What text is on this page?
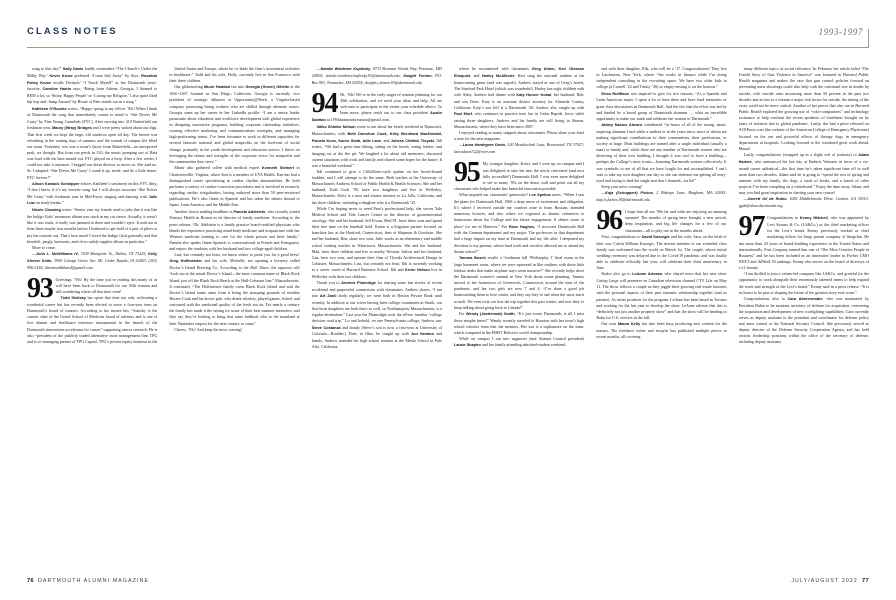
CLASS NOTES	1993-1997

song to this day!” Sally Davis fondly remembers “The Church’s Under the Milky Way.’ Kevin Kruse preferred “Coma Sail Away” by Styx. Rosalind Fahey Kruse recalls Divinyls’ “I Touch Myself” as her Dartmouth years’ favorite. Caroline Harris says, “Being from Athens, Georgia, I listened to REM a lot, so ‘Shiny, Happy People’ or ‘Losing my Religion.’ I also quite liked hip hop and ‘Jump Around’ by House of Pain stands out as a song.”

Kathleen O’Rourke writes, “Happy spring to my fellow ’92s! When I think of Dartmouth the song that immediately comes to mind is ‘She Drives Me Crazy’ by Fine Young Cannibals (FYC). After moving into 310 Butterfield our freshman year, Maury (Wray) Bridges and I were pretty stoked about our digs. That first week we kept the large, old windows open all day. The breeze was refreshing in the waning days of summer, and the sounds of campus life filled our room. Fraternity row was a stone’s throw from Butterfield—an unexpected perk, we thought. But from our perch in 310, the music pumping out of Beta was loud with the bass maxed out. FYC played on a loop. After a few weeks, I could not take it anymore. I begged our dorm director to move us. She said no. So I adapted: ‘She Drives Me Crazy’ I crank it up, smile, and do a little dance. FYC forever!”

Alison Kowack Schnipper echoes Kathleen’s sentiment on this FYC ditty, “I don’t know if it’s my favorite song, but I will always associate ‘She Drives Me Crazy’ with freshman year in Mid-Fayer, singing and dancing with Julie Low on study breaks.”

Nicole Clausing wrote: “Senior year my friends used to joke that it was like the Indigo Girls’ enormous album was stuck in my car stereo. Actually, it wasn’t like it was stuck, it really was jammed in there and wouldn’t eject. It took me at least three maybe four months before I bothered to get hold of a pair of pliers to pry the cassette out. That’s how much I loved the Indigo Girls generally and that heartfelt, jangly, harmonic, and oh-so-subtly-sapphic album in particular.”

More to come.

—John L. McWilliams IV, 7439 Marquette St., Dallas, TX 75225; Kelly Shriver Kolts, 3900 Cottage Grove Ave. SE, Cedar Rapids, IA 52403; (203) 996-2182; dartmouthklass4@gmail.com

93 Greetings, ’93s! By the time you’re reading this many of us will have been back to Dartmouth for our 30th reunion and still wondering where all that time went!

Todd Sisitsky has spent that time not only cultivating a wonderful career but has recently been elected to serve a four-year term on Dartmouth’s board of trustees. According to his trustee bio, “Sisitsky is the current chair of the Geisel School of Medicine board of advisers and is one of five alumni and healthcare investors instrumental in the launch of the Dartmouth innovations accelerator for cancer” supporting cancer research. He is also “president of the publicly traded alternative asset management firm TPG and is co-managing partner of TPG Capital, TPG’s private equity business in the

United States and Europe, where he co-leads the firm’s investment activities in healthcare.” Todd and his wife, Holly, currently live in San Francisco with their three children.

Our globetrotting Munir Haddad ran into Georgia (Green) Gillette at the ASU+GSV Summit in San Diego, California. Georgia is currently vice president of strategic alliances at Opportunity@Work, a Virginia-based company promoting hiring workers who are skilled through alternate routes. Georgia sums up her career in her LinkedIn profile: “I am a senior leader passionate about education and workforce development with global experience in designing innovative programs, building corporate citizenship initiatives, creating effective marketing and communications strategies, and managing high-performing teams. I’ve been fortunate to work in different capacities for several fantastic national and global nonprofits on the forefront of social change, primarily in the youth development and education sectors. I thrive on leveraging the talents and strengths of the corporate sector for nonprofits and the communities they serve.”

Munir also gathered coffee with medical expert Kenneth Steinert in Charlottesville, Virginia, where Ken is a member of UVA Health. Ken has had a distinguished career specializing in cardiac rhythm abnormalities. He both performs a variety of cardiac-correction procedures and is involved in research, regarding cardiac irregularities, having authored more than 50 peer-reviewed publications. He’s also fluent in Spanish and has taken his talents abroad to Spain, Latin America, and the Middle East.

Another doctor making headlines is Pamela Adelstein, who recently joined Primary Health in Boston as its director of family medicine. According to the press release, “Dr. Adelstein is a family practice board-certified physician who blends her experience practicing mind-body medicine and acupuncture with her Western medicine training to care for the whole person and their family.” Pamela also speaks fluent Spanish, is conversational in French and Portuguese, and enjoys the outdoors with her husband and two college-aged children.

Last, but certainly not least, we know where to point you for a good brew! Greg Hoffmeister and his wife, Michelle, are opening a brewery called Doctor’s Island Brewing Co. According to the Hull Times, the taproom will “look out at the actual Doctor’s Island—the more common name of Black Rock Island, just off the Black Rock Beach at the Hull-Cohasset line.” Massachusetts. It continued, “The Hoffmeister family owns Black Rock Island and said the Doctor’s Island name came from it being the stomping grounds of resident Horace Cook and his doctor pals, who drank whiskey, played games, fished, and carroused with the medicinal quality of the fresh sea air. For nearly a century the family has made it the setting for some of their best summer memories, and they say they’re looking to bring that same laidback vibe to the mainland at their Nantasket outpost for the next century to come.”

Cheers, ’93s! And keep the news coming!

—Natalie Weidener Kuplesky, 8733 Bowman Woods Way, Potomac, MD 20854; natalie.weidener.kuplesky.93@dartmouth.edu; Dwight Fenton, P.O. Box 991, Nantucket, MA 02554; dwight.c.fenton.93@dartmouth.edu

94 Hi, ’94s! We’re in the early stages of reunion planning for our 30th celebration, and we need your ideas and help. All are welcome to participate to the extent your schedule allows. To learn more, please reach out to our class president Austin Sadrian at 1994dartmouthreunion@gmail.com.

Ildiko Shinkle Nelson wrote to me about her beach weekend in Nantucket, Massachusetts, with Beth Donohoe Cook, Kiley Bernhard MacDonald, Pamela Kunz, Karen Staib, Adle Lane, and Julissa Chittick Tloyaki. Ildi writes, “We had a great time biking, sitting on the beach, eating lobster, and hanging out at the fire pit. We laughed a lot about old memories, discussed current situations with work and family, and shared some hopes for the future. It was a beautiful weekend.”

Ildi continued to give a CliffsNotes-style update on her beach-bound buddies, and I will attempt to do the same. Beth teaches at the University of Massachusetts Amherst School of Public Health & Health Sciences. She and her husband, Todd Cook ’95, have two daughters and live in Wellesley, Massachusetts. Kiley is a trust and estates attorney in La Jolla, California, and has three children, including a daughter who is a Dartmouth ’25.

While I’m hoping never to need Pam’s professional help, she serves Yale Medical School and Yale Cancer Center as the director of gastrointestinal oncology. She and her husband, Jeff Kwan, Med’01, have three sons and spend their free time on the baseball field. Karen is a litigation partner focused on franchise law at the Hartford, Connecticut, firm of Shipman & Goodwin. She and her husband, Ben, share two sons. Julie works as an elementary and middle school reading teacher in Watertown, Massachusetts. She and her husband, Matt, have three children and live in nearby Newton. Julissa and her husband, Can, have two sons, and operate their firm of Tlyoaki Architectural Design in Cohasset, Massachusetts. Last, but certainly not least, Ildi is currently working as a career coach at Harvard Business School. Ildi and Kevin Nelson live in Wellesley with their two children.

Thank you to Andrew Plumridge for sharing some fun stories of recent accidental and purposeful connections with classmates. Andrew shares, “I ran into Art Zanll fairly regularly; we were both in Boston Private Bank until recently. In addition to our wives having been college roommates at Smith, our first-born daughters are both there as well, so Northampton, Massachusetts, is a regular destination.” Last year the Plumridges took the all-too familiar “college decision road trip.” Lo and behold, on one Pennsylvania college, Andrew saw Steve Costanza and family (Steve’s son is now a first-year at University of Colorado—Boulder.) Then, in Ohio, he caught up with Jon Newton and family. Andrew attended his high school reunion at the Menlo School in Palo Alto, California,

where he reconnected with classmates Greg Alden, Keri Gleason Elmquist, and Harley McAllister. Keri sang the national anthem at the homecoming game (and was superb). Andrew stayed at one of Greg’s hotels, The Stanford Park Hotel (which was wonderful). Harley has eight children with wife Abby. Andrew had dinner with Katy Horner Kobal, her husband, Rob, and son Drew. Katy is an assistant district attorney for Alameda County, California. Katy’s son Jeff is a Dartmouth ’26. Andrew also caught up with Paul Morf, who continues to practice trust law in Cedar Rapids, Iowa, while raising three daughters. Andrew and his family are still living in Sharon, Massachusetts, where they have been since 2007.

I enjoyed reading so many snippets about classmates. Please share your brief a note for the next magazine.

—Laura Hardegree Davis, 520 Meadowlark Lane, Brentwood, TN 37027; lauradavis722@veer.com

95 My younger daughter, Kristi, and I were up on campus and I was delighted to take her into the newly renovated (and now fully accessible!) Dartmouth Hall. I was even more delighted to see so many ’95s on the donor wall and point out all my classmates who helped make this beautiful renovation possible.

What inspired our classmates’ generosity? Lee Spelios notes, “When I saw the plans for Dartmouth Hall, 1969 a deep sense of excitement and obligation. It’s where I received outside my comfort zone to learn Russian, attended numerous lectures, and also where we cogitated as alumni volunteers to brainstorm about the College and the future engagement. It shines sense of place’ for me in Hanover.” For Rose Hughes, “I associate Dartmouth Hall with the German department and my major. The professors in that department had a huge impact on my time at Dartmouth and my life after. I deepened my devotion to my parents, whose hard work and sacrifice allowed me to attend my dream school!”

Tamara Busch recalls a “freshman fall ‘Philosophy 1’ final exam in the large basement room, where we were squeezed in like sardines with those little foldout desks that make airplane trays seem massive!” She recently helps drive the Dartmouth women’s summit in New York about estate planning. Tammy moved to her hometown of Greenwich, Connecticut, around the time of the pandemic, and her two girls are now 7 and 4. “I’ve done a good job brainwashing them to love winter, and they say they’re sad when the snow starts to melt. We even took our first ski trip together this past winter, and now they’re keep talking about going back to Canada!”

For Wendy (Jastremski) Smith, “It’s just iconic Dartmouth, is all. I miss those simpler times!” Wendy recently traveled to Houston with her town’s high school robotics team that she mentors. Her son is a sophomore on the team, which competed in the FIRST Robotics world championship.

While on campus I ran into supporter (and Alumni Council president) Laurie Shapiro and her family attending admitted-student weekend,

end with their daughter, Ella, who will be a ’27. Congratulations! They live in Larchmont, New York, where “Jen works in finance while I’m doing independent consulting in the recruiting space. We have two older kids in college (a Cornell ’22 and Trinity ’26) so empty-nesting is on the horizon.”

Erica Ruliffson was inspired to give for two reasons, “As a Spanish and Latin American major, I spent a lot of time there and have fond memories of great class discussions in Dartmouth Hall. And the fact that the effort was led by and funded by a broad group of Dartmouth alumnae … what an incredible opportunity to make our mark and celebrate the women of Dartmouth.”

Abbey Nasius Ahearn contributed “in honor of all of the strong, smart, inspiring alumnae I met while a student or in the years since, most of whom are making significant contributions to their communities, their professions, or society at large. Most buildings are named after a single individual (usually a man) or family and, while there are any number of Dartmouth women who are deserving of their own building, I thought it was cool to have a building—perhaps the College’s most iconic—honoring Dartmouth women collectively. It was symbolic to me of all that we have fought for and accomplished. I can’t wait to take my own daughter one day so she can embrace me getting all teary-eyed and trying to find the single seat that I donated—ha ha!”

Keep your news coming!

—Kaja (Schuppert) Pickus, 2 Bishops Lane, Bingham, MA 02043; kaja.h.fackes.95@dartmouth.edu

96 I hope that all our ’96s far and wide are enjoying an amazing summer! The months of spring have brought a new arrival, deep inspiration, and big life changes for a few of our classmates—all to play out in the months ahead.

First, congratulations to David Kasregis and his wife, Sara, on the birth of their son, Calvin William Kasregis. The newest member of our extended class family was welcomed into the world on March 1st. The couple, whose initial wedding ceremony was delayed due to the Covid-19 pandemic and was finally able to celebrate officially last year, will celebrate their third anniversary in June.

Kudos also go to LeAnne Arteaza, who shared news that her new show Listing Large will premiere on Canadian television channel CTV Life on May 11. The show follows a couple as they juggle their growing real estate business with the personal aspects of their past romantic relationship together (and as parents). As series producer for the program, LeAnne has been based in Toronto and working for the last year to develop the show. LeAnne advises that this is “definitely not just another property show” and that the show will be heading to Roku for U.S. viewers in the fall.

Our own Maura Kelly has also been busy producing new content for the masses. The freelance writer and essayist has published multiple pieces in recent months, all covering

many different topics of social relevance. In February her article titled “The Untold Story of Gun Violence in America” was featured in Harvard Public Health magazine and makes the case that gun control policies focused on preventing mass shootings could also help curb the continued rise in deaths by suicide; with suicide rates increasing more than 30 percent in the past two decades and access to a firearm a major risk factor for suicide, the timing of the essay could not be more critical. Another of her pieces that also ran in Harvard Public Health explored the growing use of “robo-companions” and technology assistance to help confront the recent epidemic of loneliness brought on by years of isolation due to global pandemic. Lastly, she had a piece released on ACEPnow.com (the website of the American College of Emergency Physicians) focused on the use and powerful effects of therapy dogs in emergency departments at hospitals. Looking forward to the continued great work ahead, Maura!

Lastly, congratulations (wrapped up in a slight veil of jealousy) to Adam Harbee, who announced his last day at Enduris Ventures in favor of a six-month career sabbatical—the first time he’s taken significant time off in well more than two decades. Adam said he is going to “spend the rest of spring and summer with my family, the dogs, a stack of books, and a bunch of other projects I’ve been compiling on a whiteboard.” Enjoy the time away, Adam, and may you find great inspiration in charting your new course!

—Garrett Gil de Rubio, 1082 Middlebrooke Drive, Canton, GA 30115; ggdr@alum.dartmouth.org

97 Congratulations to Kenny Mitchell, who was appointed by Levi Strauss & Co. (LS&Co.) as the chief marketing officer for the Levi’s brand. Kenny previously worked as chief marketing officer for Snap, parent company of Snapchat. He has more than 20 years of brand-building experience in the United States and internationally. Fast Company named him one of “The Most Creative People in Business” and he has been included as an innovative leader in Forbes CMO NEXT and AdWeek 50 rankings. Kenny also serves on the board of directors of e.l.f. beauty.

“I am thrilled to join a values-led company like LS&Co. and grateful for the opportunity to work alongside their enormously talented teams to help expand the reach and strength of the Levi’s brand,” Kenny said in a press release. “It is an honor to be part of shaping the future of the greatest story ever worn.”

Congratulations also to Cara Abercrombie, who was nominated by President Biden to be assistant secretary of defense for acquisition, overseeing the acquisition and development of new warfighting capabilities. Cara currently serves as deputy assistant to the president and coordinator for defense policy and arms control at the National Security Council. She previously served as deputy director of the Defense Security Cooperation Agency and has held various leadership positions within the office of the secretary of defense, including deputy assistant

76 DARTMOUTH ALUMNI MAGAZINE	JULY/AUGUST 2022 77
